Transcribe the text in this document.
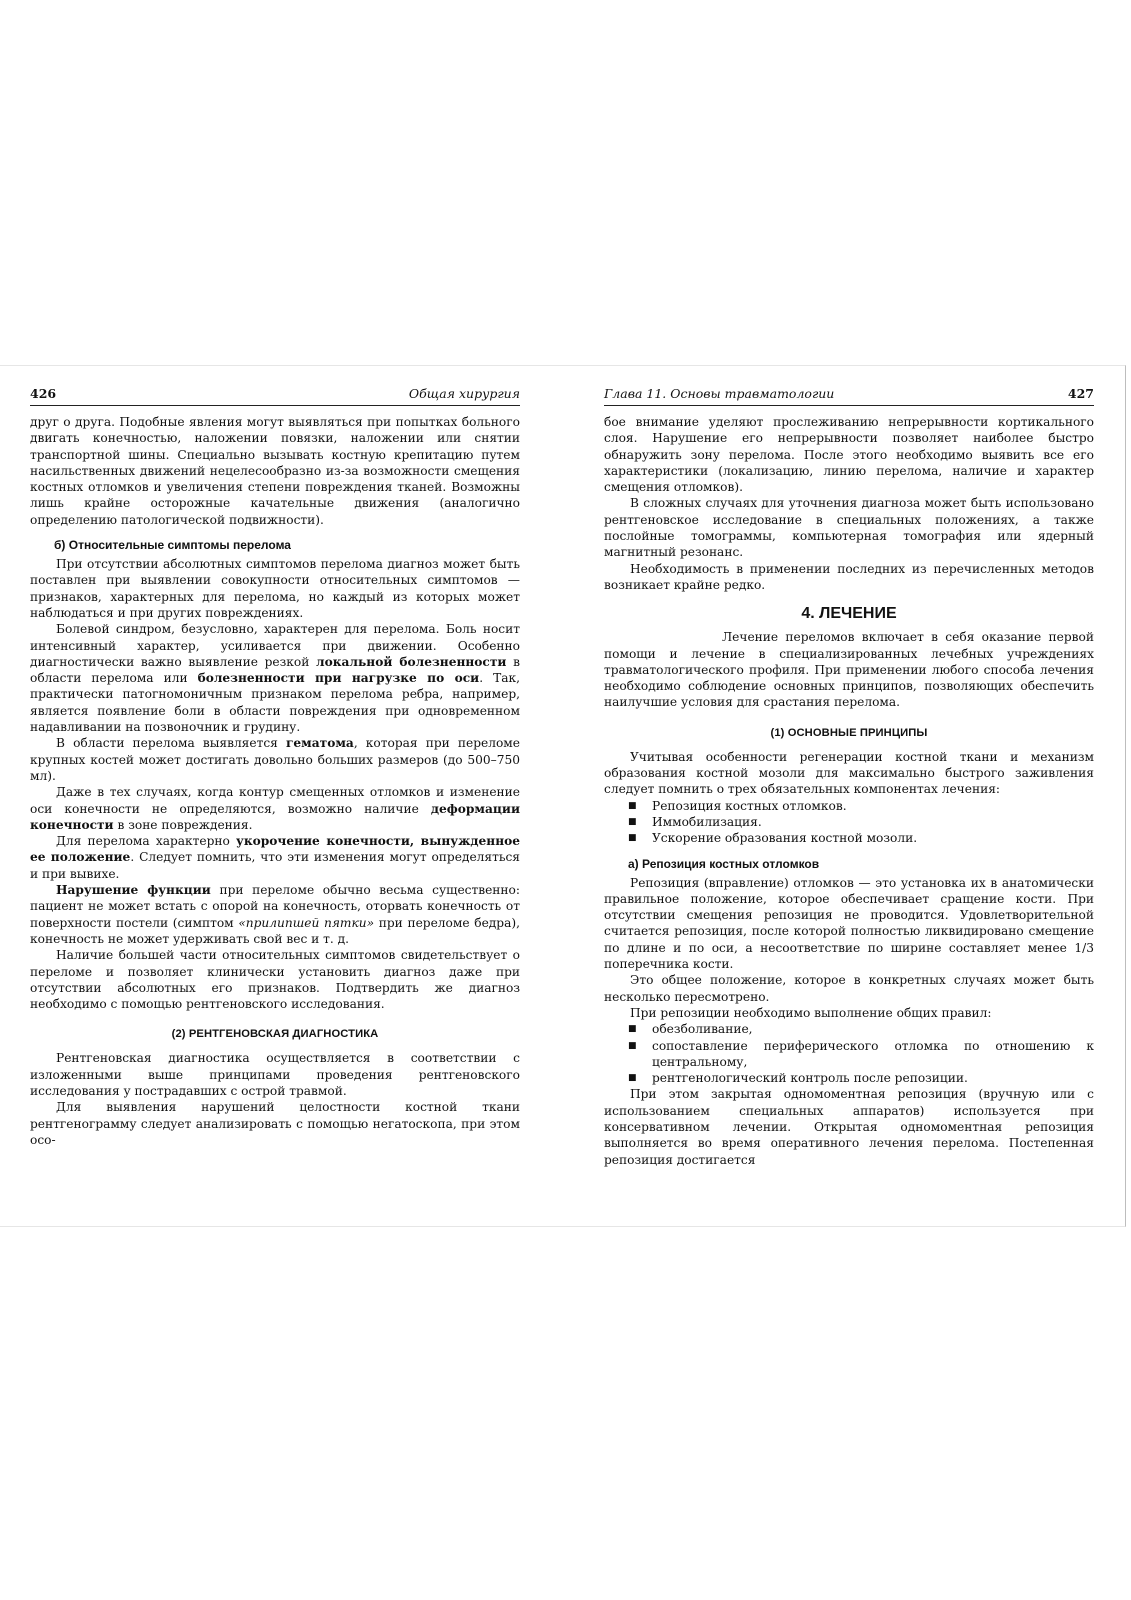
426	Общая хирургия

друг о друга. Подобные явления могут выявляться при попытках больного двигать конечностью, наложении повязки, наложении или снятии транспортной шины. Специально вызывать костную крепитацию путем насильственных движений нецелесообразно из-за возможности смещения костных отломков и увеличения степени повреждения тканей. Возможны лишь крайне осторожные качательные движения (аналогично определению патологической подвижности).

б) Относительные симптомы перелома

При отсутствии абсолютных симптомов перелома диагноз может быть поставлен при выявлении совокупности относительных симптомов — признаков, характерных для перелома, но каждый из которых может наблюдаться и при других повреждениях.

Болевой синдром, безусловно, характерен для перелома. Боль носит интенсивный характер, усиливается при движении. Особенно диагностически важно выявление резкой локальной болезненности в области перелома или болезненности при нагрузке по оси. Так, практически патогномоничным признаком перелома ребра, например, является появление боли в области повреждения при одновременном надавливании на позвоночник и грудину.

В области перелома выявляется гематома, которая при переломе крупных костей может достигать довольно больших размеров (до 500–750 мл).

Даже в тех случаях, когда контур смещенных отломков и изменение оси конечности не определяются, возможно наличие деформации конечности в зоне повреждения.

Для перелома характерно укорочение конечности, вынужденное ее положение. Следует помнить, что эти изменения могут определяться и при вывихе.

Нарушение функции при переломе обычно весьма существенно: пациент не может встать с опорой на конечность, оторвать конечность от поверхности постели (симптом «прилипшей пятки» при переломе бедра), конечность не может удерживать свой вес и т. д.

Наличие большей части относительных симптомов свидетельствует о переломе и позволяет клинически установить диагноз даже при отсутствии абсолютных его признаков. Подтвердить же диагноз необходимо с помощью рентгеновского исследования.

(2) РЕНТГЕНОВСКАЯ ДИАГНОСТИКА

Рентгеновская диагностика осуществляется в соответствии с изложенными выше принципами проведения рентгеновского исследования у пострадавших с острой травмой.

Для выявления нарушений целостности костной ткани рентгенограмму следует анализировать с помощью негатоскопа, при этом осо-

Глава 11. Основы травматологии	427

бое внимание уделяют прослеживанию непрерывности кортикального слоя. Нарушение его непрерывности позволяет наиболее быстро обнаружить зону перелома. После этого необходимо выявить все его характеристики (локализацию, линию перелома, наличие и характер смещения отломков).

В сложных случаях для уточнения диагноза может быть использовано рентгеновское исследование в специальных положениях, а также послойные томограммы, компьютерная томография или ядерный магнитный резонанс.

Необходимость в применении последних из перечисленных методов возникает крайне редко.

4. ЛЕЧЕНИЕ

Лечение переломов включает в себя оказание первой помощи и лечение в специализированных лечебных учреждениях травматологического профиля. При применении любого способа лечения необходимо соблюдение основных принципов, позволяющих обеспечить наилучшие условия для срастания перелома.

(1) ОСНОВНЫЕ ПРИНЦИПЫ

Учитывая особенности регенерации костной ткани и механизм образования костной мозоли для максимально быстрого заживления следует помнить о трех обязательных компонентах лечения:

■ Репозиция костных отломков.
■ Иммобилизация.
■ Ускорение образования костной мозоли.
а) Репозиция костных отломков

Репозиция (вправление) отломков — это установка их в анатомически правильное положение, которое обеспечивает сращение кости. При отсутствии смещения репозиция не проводится. Удовлетворительной считается репозиция, после которой полностью ликвидировано смещение по длине и по оси, а несоответствие по ширине составляет менее 1/3 поперечника кости.

Это общее положение, которое в конкретных случаях может быть несколько пересмотрено.

При репозиции необходимо выполнение общих правил:

■ обезболивание,
■ сопоставление периферического отломка по отношению к центральному,
■ рентгенологический контроль после репозиции.

При этом закрытая одномоментная репозиция (вручную или с использованием специальных аппаратов) используется при консервативном лечении. Открытая одномоментная репозиция выполняется во время оперативного лечения перелома. Постепенная репозиция достигается
